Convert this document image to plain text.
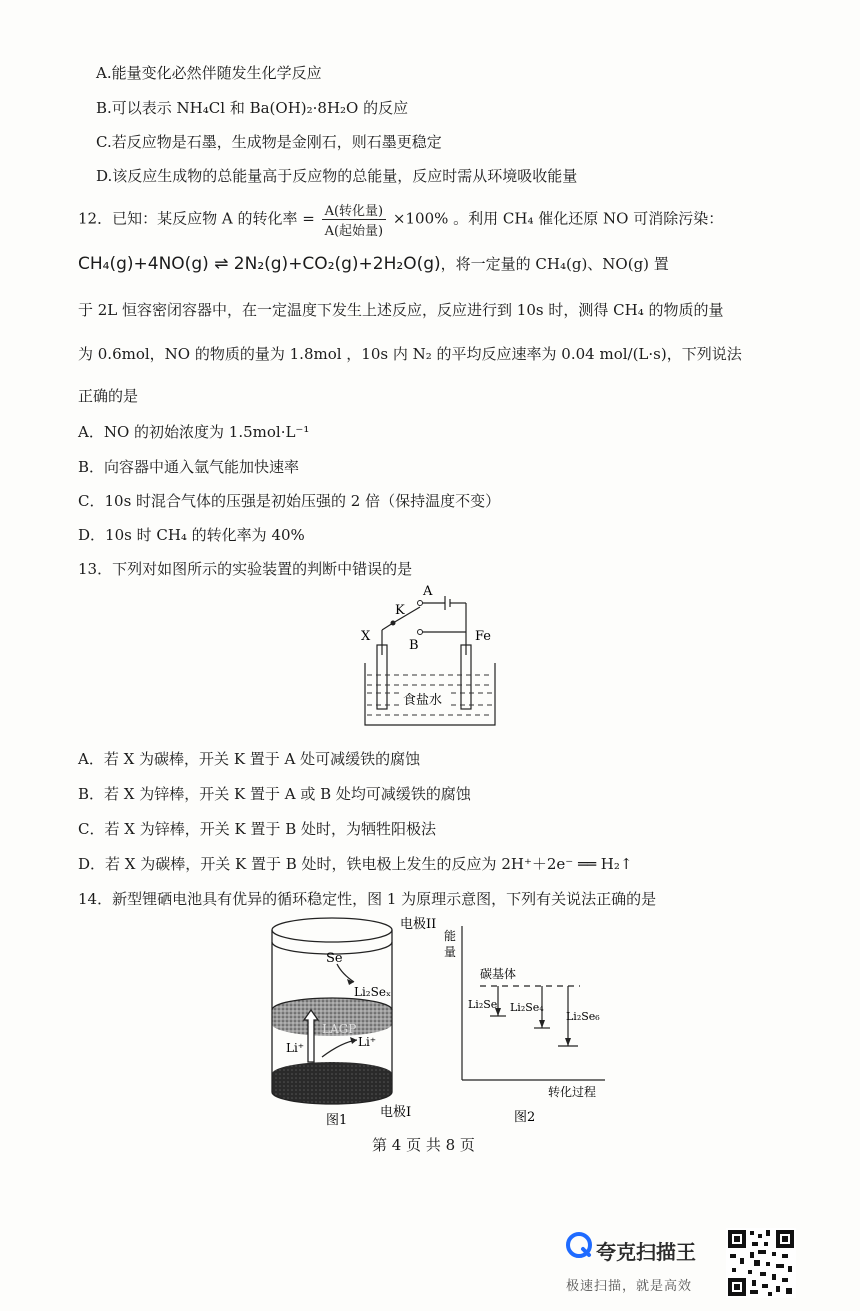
A.能量变化必然伴随发生化学反应
B.可以表示 NH₄Cl 和 Ba(OH)₂·8H₂O 的反应
C.若反应物是石墨，生成物是金刚石，则石墨更稳定
D.该反应生成物的总能量高于反应物的总能量，反应时需从环境吸收能量
12．已知：某反应物 A 的转化率 = $\frac{\text{A(转化量)}}{\text{A(起始量)}} \times 100\%$ 。利用 CH₄ 催化还原 NO 可消除污染：
CH₄(g)+4NO(g) ⇌ 2N₂(g)+CO₂(g)+2H₂O(g)，将一定量的 CH₄(g)、NO(g) 置
于 2L 恒容密闭容器中，在一定温度下发生上述反应，反应进行到 10s 时，测得 CH₄ 的物质的量
为 0.6mol，NO 的物质的量为 1.8mol ，10s 内 N₂ 的平均反应速率为 0.04 mol/(L·s)，下列说法
正确的是
A．NO 的初始浓度为 1.5mol·L⁻¹
B．向容器中通入氩气能加快速率
C．10s 时混合气体的压强是初始压强的 2 倍（保持温度不变）
D．10s 时 CH₄ 的转化率为 40%
13．下列对如图所示的实验装置的判断中错误的是
A
K
X
B
Fe
食盐水
A．若 X 为碳棒，开关 K 置于 A 处可减缓铁的腐蚀
B．若 X 为锌棒，开关 K 置于 A 或 B 处均可减缓铁的腐蚀
C．若 X 为锌棒，开关 K 置于 B 处时，为牺牲阳极法
D．若 X 为碳棒，开关 K 置于 B 处时，铁电极上发生的反应为 2H⁺＋2e⁻ ══ H₂↑
14．新型锂硒电池具有优异的循环稳定性，图 1 为原理示意图，下列有关说法正确的是
电极II
Se
Li₂Seₓ
LAGP
Li⁺	Li⁺
电极I
图1
能
量
碳基体
Li₂Se Li₂Se₄
Li₂Se₆
转化过程
图2
第 4 页 共 8 页
夸克扫描王
极速扫描，就是高效
